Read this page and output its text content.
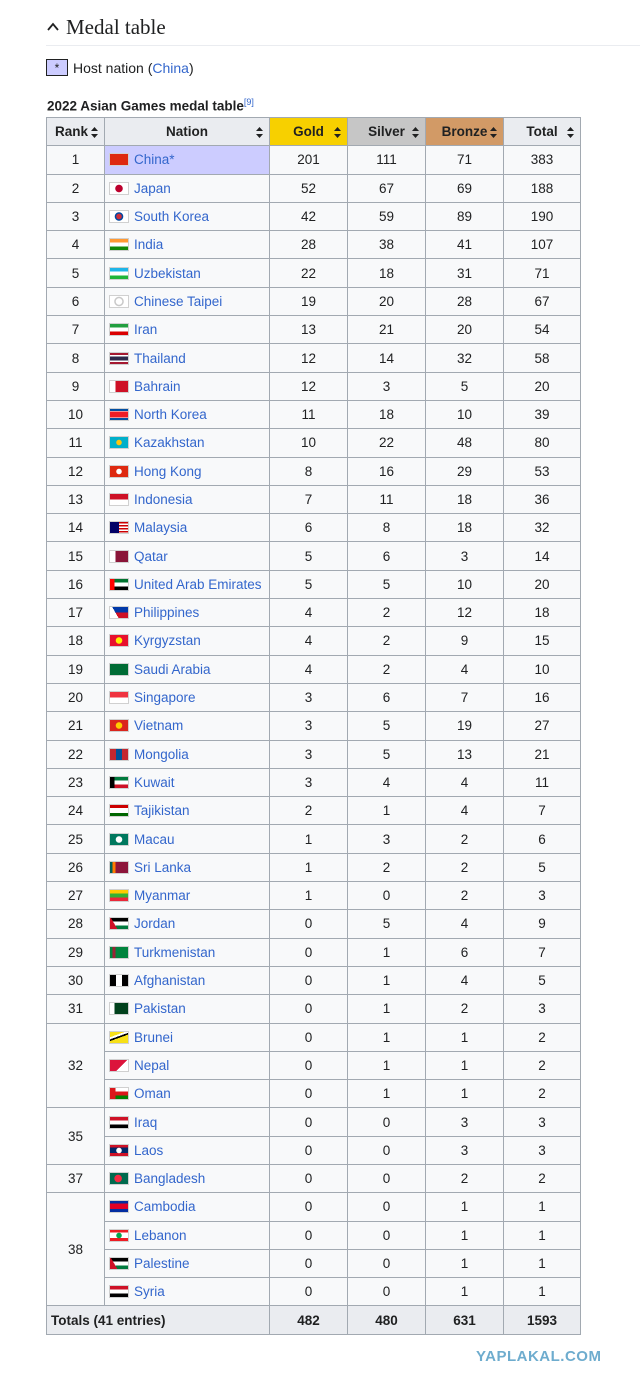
Medal table
* Host nation ( China )
2022 Asian Games medal table[9]
Rank	Nation	Gold	Silver	Bronze	Total

1	China*	201	111	71	383
2	Japan	52	67	69	188
3	South Korea	42	59	89	190
4	India	28	38	41	107
5	Uzbekistan	22	18	31	71
6	Chinese Taipei	19	20	28	67
7	Iran	13	21	20	54
8	Thailand	12	14	32	58
9	Bahrain	12	3	5	20
10	North Korea	11	18	10	39
11	Kazakhstan	10	22	48	80
12	Hong Kong	8	16	29	53
13	Indonesia	7	11	18	36
14	Malaysia	6	8	18	32
15	Qatar	5	6	3	14
16	United Arab Emirates	5	5	10	20
17	Philippines	4	2	12	18
18	Kyrgyzstan	4	2	9	15
19	Saudi Arabia	4	2	4	10
20	Singapore	3	6	7	16
21	Vietnam	3	5	19	27
22	Mongolia	3	5	13	21
23	Kuwait	3	4	4	11
24	Tajikistan	2	1	4	7
25	Macau	1	3	2	6
26	Sri Lanka	1	2	2	5
27	Myanmar	1	0	2	3
28	Jordan	0	5	4	9
29	Turkmenistan	0	1	6	7
30	Afghanistan	0	1	4	5
31	Pakistan	0	1	2	3
32	Brunei	0	1	1	2

	Nepal	0	1	1	2

	Oman	0	1	1	2
35	Iraq	0	0	3	3

	Laos	0	0	3	3
37	Bangladesh	0	0	2	2
38	Cambodia	0	0	1	1

	Lebanon	0	0	1	1

	Palestine	0	0	1	1

	Syria	0	0	1	1
Totals (41 entries)		482	480	631	1593
YAPLAKAL.COM
